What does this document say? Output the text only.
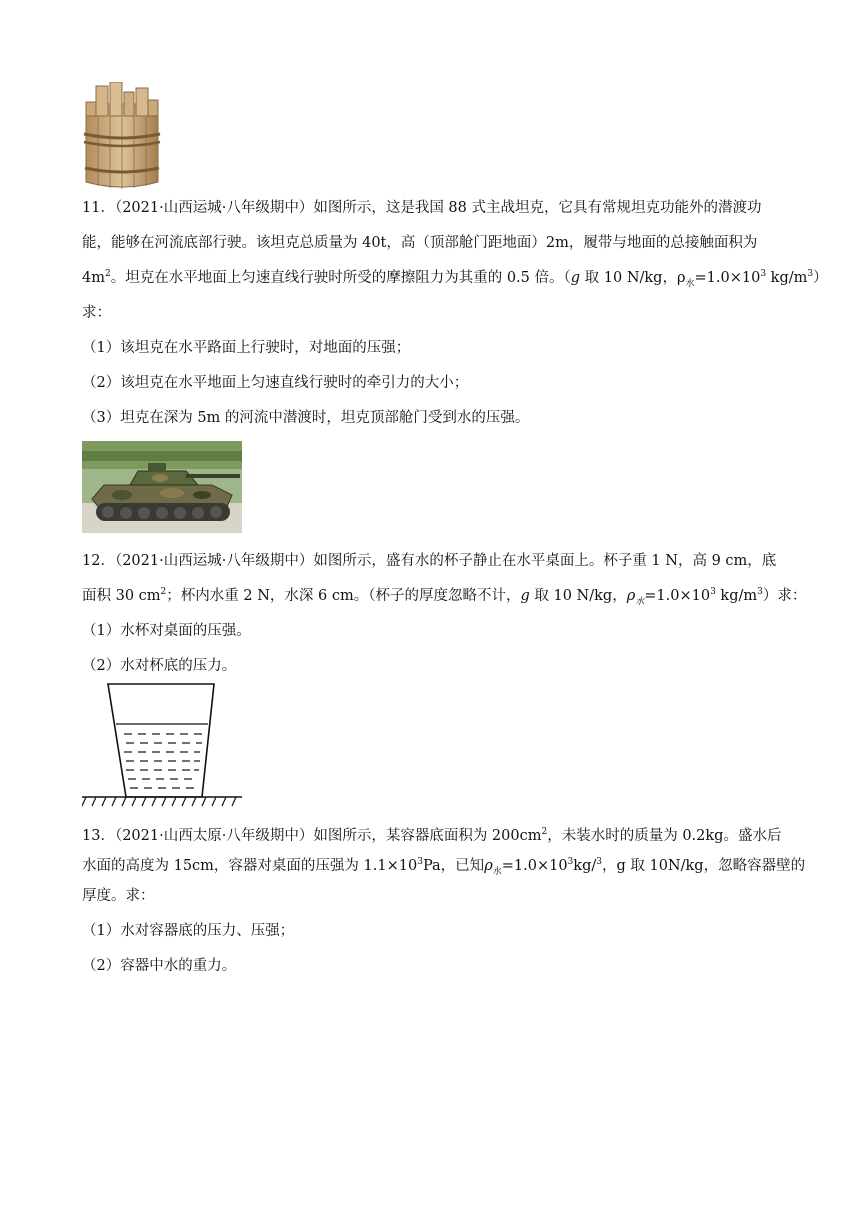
11．（2021·山西运城·八年级期中）如图所示，这是我国 88 式主战坦克，它具有常规坦克功能外的潜渡功
能，能够在河流底部行驶。该坦克总质量为 40t，高（顶部舱门距地面）2m，履带与地面的总接触面积为
$4m^2$。坦克在水平地面上匀速直线行驶时所受的摩擦阻力为其重的 0.5 倍。（g 取 10 N/kg，$\rho_水=1.0\times 10^3$ $kg/m^3$）
求：
（1）该坦克在水平路面上行驶时，对地面的压强；
（2）该坦克在水平地面上匀速直线行驶时的牵引力的大小；
（3）坦克在深为 5m 的河流中潜渡时，坦克顶部舱门受到水的压强。
12．（2021·山西运城·八年级期中）如图所示，盛有水的杯子静止在水平桌面上。杯子重 1 N，高 9 cm，底
面积 30 $cm^2$；杯内水重 2 N，水深 6 cm。（杯子的厚度忽略不计，g 取 10 N/kg，$\rho_水=1.0\times 10^3$ $kg/m^3$）求：
（1）水杯对桌面的压强。
（2）水对杯底的压力。
13．（2021·山西太原·八年级期中）如图所示，某容器底面积为 $200cm^2$，未装水时的质量为 0.2kg。盛水后
水面的高度为 15cm，容器对桌面的压强为 $1.1\times 10^3Pa$，已知$\rho_水=1.0\times 10^3kg/^3$，g 取 10N/kg，忽略容器壁的
厚度。求：
（1）水对容器底的压力、压强；
（2）容器中水的重力。
